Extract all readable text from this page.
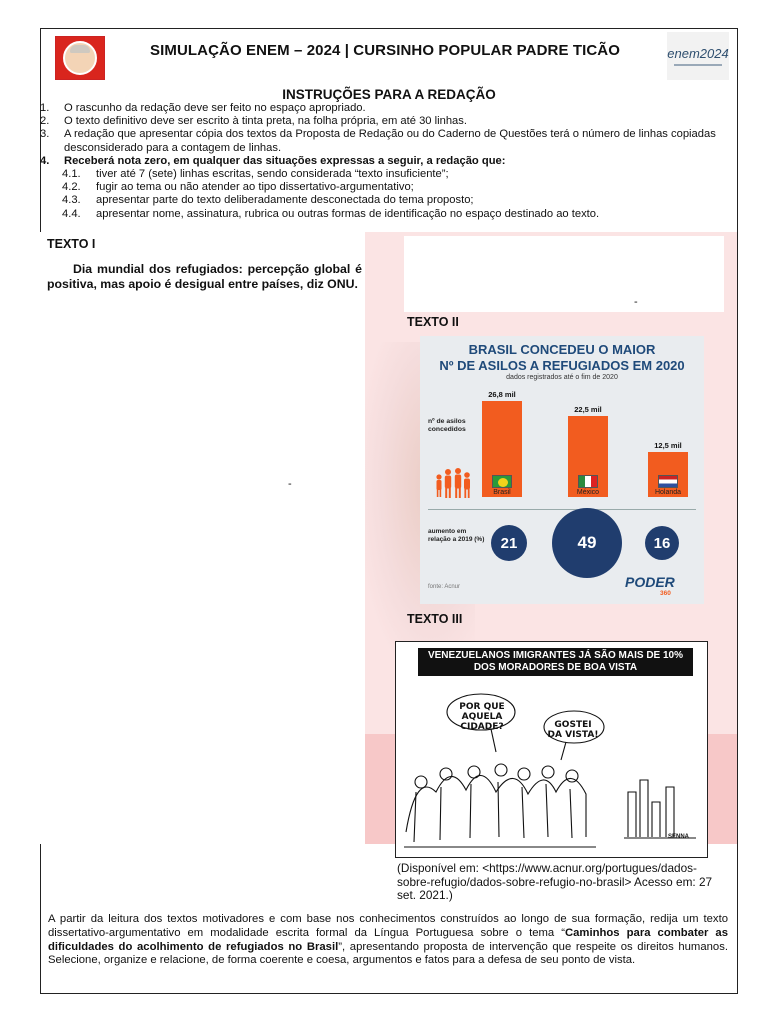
SIMULAÇÃO ENEM – 2024 | CURSINHO POPULAR PADRE TICÃO	enem2024
INSTRUÇÕES PARA A REDAÇÃO
1.	O rascunho da redação deve ser feito no espaço apropriado.
2.	O texto definitivo deve ser escrito à tinta preta, na folha própria, em até 30 linhas.
3.	A redação que apresentar cópia dos textos da Proposta de Redação ou do Caderno de Questões terá o número de linhas copiadas desconsiderado para a contagem de linhas.
4.	Receberá nota zero, em qualquer das situações expressas a seguir, a redação que:
4.1.	tiver até 7 (sete) linhas escritas, sendo considerada “texto insuficiente”;
4.2.	fugir ao tema ou não atender ao tipo dissertativo-argumentativo;
4.3.	apresentar parte do texto deliberadamente desconectada do tema proposto;
4.4.	apresentar nome, assinatura, rubrica ou outras formas de identificação no espaço destinado ao texto.
TEXTO I
Dia mundial dos refugiados: percepção global é positiva, mas apoio é desigual entre países, diz ONU.
-
-
TEXTO II
BRASIL CONCEDEU O MAIOR
Nº DE ASILOS A REFUGIADOS EM 2020
dados registrados até o fim de 2020
nº de asilos concedidos
aumento em relação a 2019 (%)
fonte: Acnur	PODER
360
26,8 mil
Brasil
21
22,5 mil
México
49
12,5 mil
Holanda
16
TEXTO III
VENEZUELANOS IMIGRANTES JÁ SÃO MAIS DE 10% DOS MORADORES DE BOA VISTA
POR QUE AQUELA CIDADE?	GOSTEI DA VISTA!
SENNA
(Disponível em: <https://www.acnur.org/portugues/dados-sobre-refugio/dados-sobre-refugio-no-brasil> Acesso em: 27 set. 2021.)
A partir da leitura dos textos motivadores e com base nos conhecimentos construídos ao longo de sua formação, redija um texto dissertativo-argumentativo em modalidade escrita formal da Língua Portuguesa sobre o tema “Caminhos para combater as dificuldades do acolhimento de refugiados no Brasil”, apresentando proposta de intervenção que respeite os direitos humanos. Selecione, organize e relacione, de forma coerente e coesa, argumentos e fatos para a defesa de seu ponto de vista.
